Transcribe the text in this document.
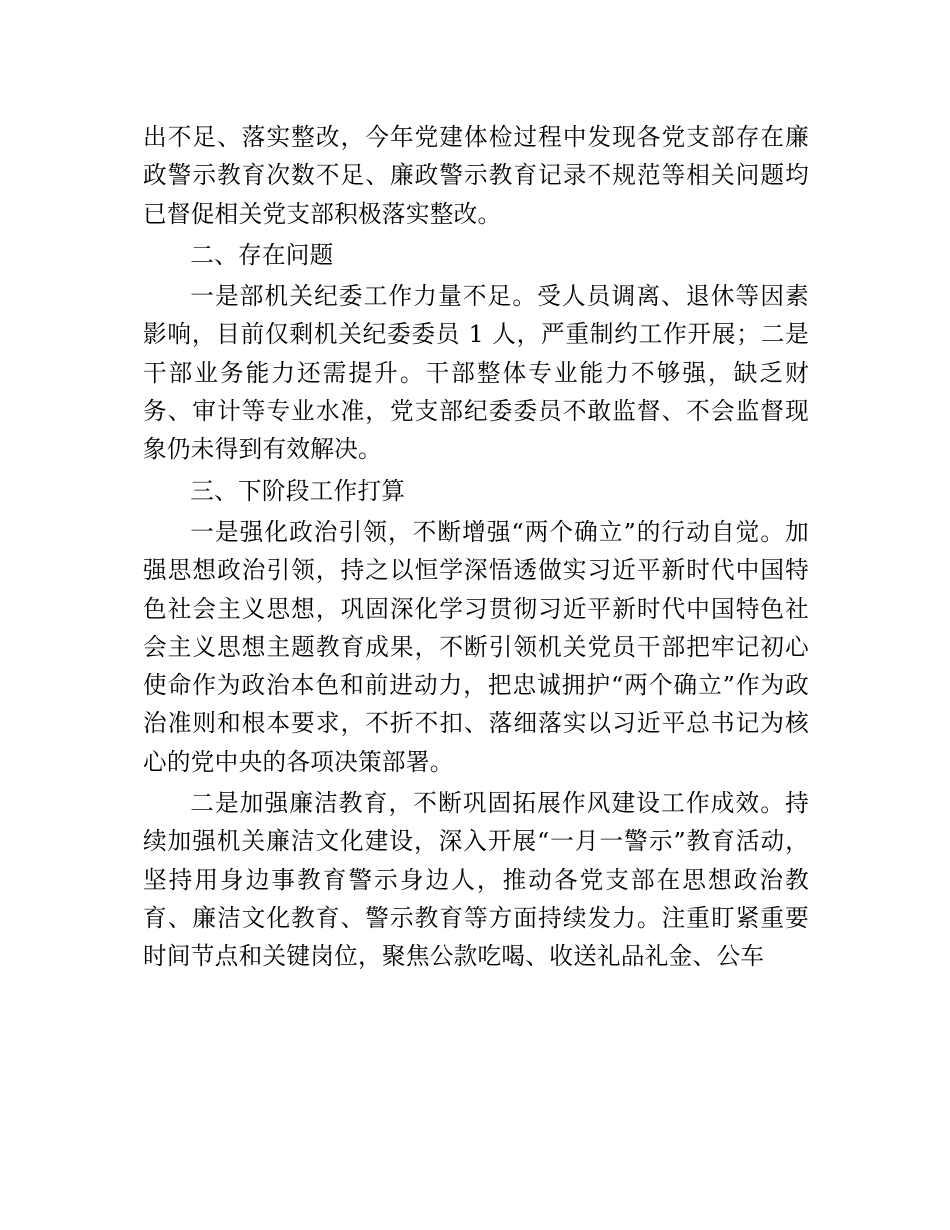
出不足、落实整改，今年党建体检过程中发现各党支部存在廉政警示教育次数不足、廉政警示教育记录不规范等相关问题均已督促相关党支部积极落实整改。

二、存在问题

一是部机关纪委工作力量不足。受人员调离、退休等因素影响，目前仅剩机关纪委委员 1 人，严重制约工作开展；二是干部业务能力还需提升。干部整体专业能力不够强，缺乏财务、审计等专业水准，党支部纪委委员不敢监督、不会监督现象仍未得到有效解决。

三、下阶段工作打算

一是强化政治引领，不断增强“两个确立”的行动自觉。加强思想政治引领，持之以恒学深悟透做实习近平新时代中国特色社会主义思想，巩固深化学习贯彻习近平新时代中国特色社会主义思想主题教育成果，不断引领机关党员干部把牢记初心使命作为政治本色和前进动力，把忠诚拥护“两个确立”作为政治准则和根本要求，不折不扣、落细落实以习近平总书记为核心的党中央的各项决策部署。

二是加强廉洁教育，不断巩固拓展作风建设工作成效。持续加强机关廉洁文化建设，深入开展“一月一警示”教育活动，坚持用身边事教育警示身边人，推动各党支部在思想政治教育、廉洁文化教育、警示教育等方面持续发力。注重盯紧重要时间节点和关键岗位，聚焦公款吃喝、收送礼品礼金、公车
